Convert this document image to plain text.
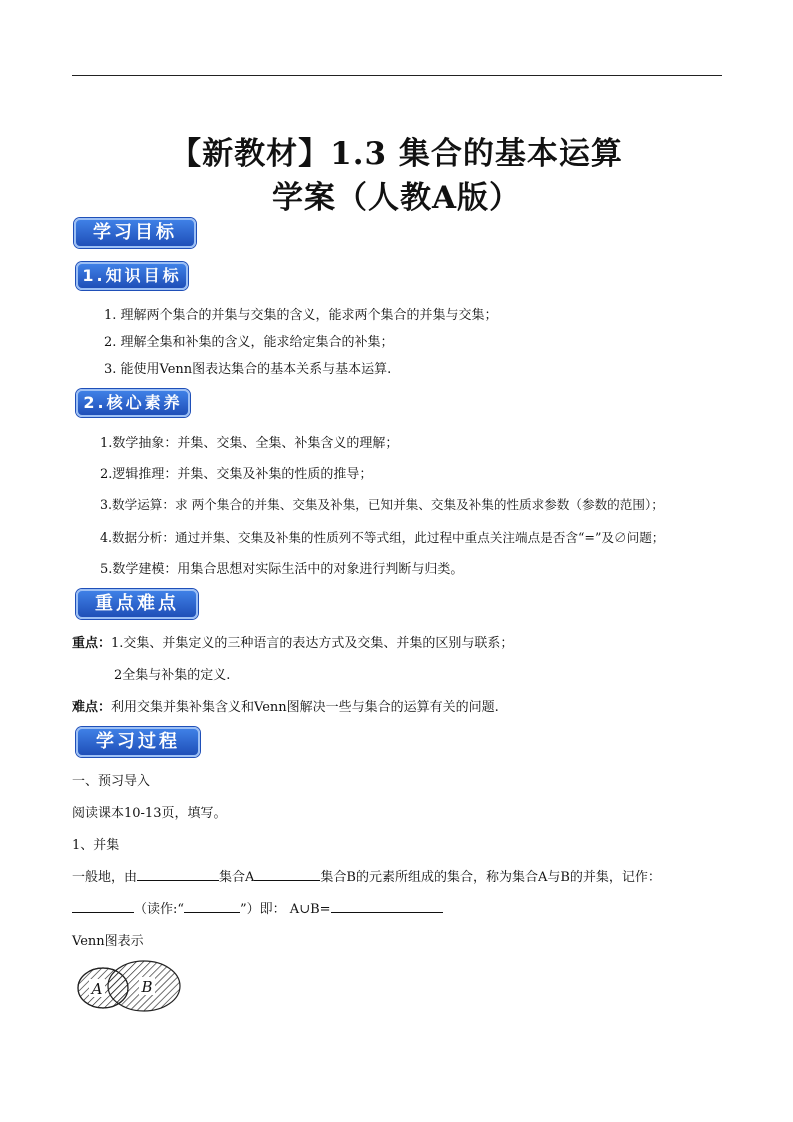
【新教材】1.3 集合的基本运算
学案（人教A版）
学习目标
1.知识目标
1. 理解两个集合的并集与交集的含义，能求两个集合的并集与交集；
2. 理解全集和补集的含义，能求给定集合的补集；
3. 能使用Venn图表达集合的基本关系与基本运算.
2.核心素养
1.数学抽象：并集、交集、全集、补集含义的理解；
2.逻辑推理：并集、交集及补集的性质的推导；
3.数学运算：求 两个集合的并集、交集及补集，已知并集、交集及补集的性质求参数（参数的范围）；
4.数据分析：通过并集、交集及补集的性质列不等式组，此过程中重点关注端点是否含“=”及∅问题；
5.数学建模：用集合思想对实际生活中的对象进行判断与归类。
重点难点
重点：1.交集、并集定义的三种语言的表达方式及交集、并集的区别与联系；
2全集与补集的定义.
难点：利用交集并集补集含义和Venn图解决一些与集合的运算有关的问题.
学习过程
一、预习导入
阅读课本10-13页，填写。
1、并集
一般地，由	集合A	集合B的元素所组成的集合，称为集合A与B的并集，记作：
（读作:“	”）即： A∪B=
Venn图表示
A	B
